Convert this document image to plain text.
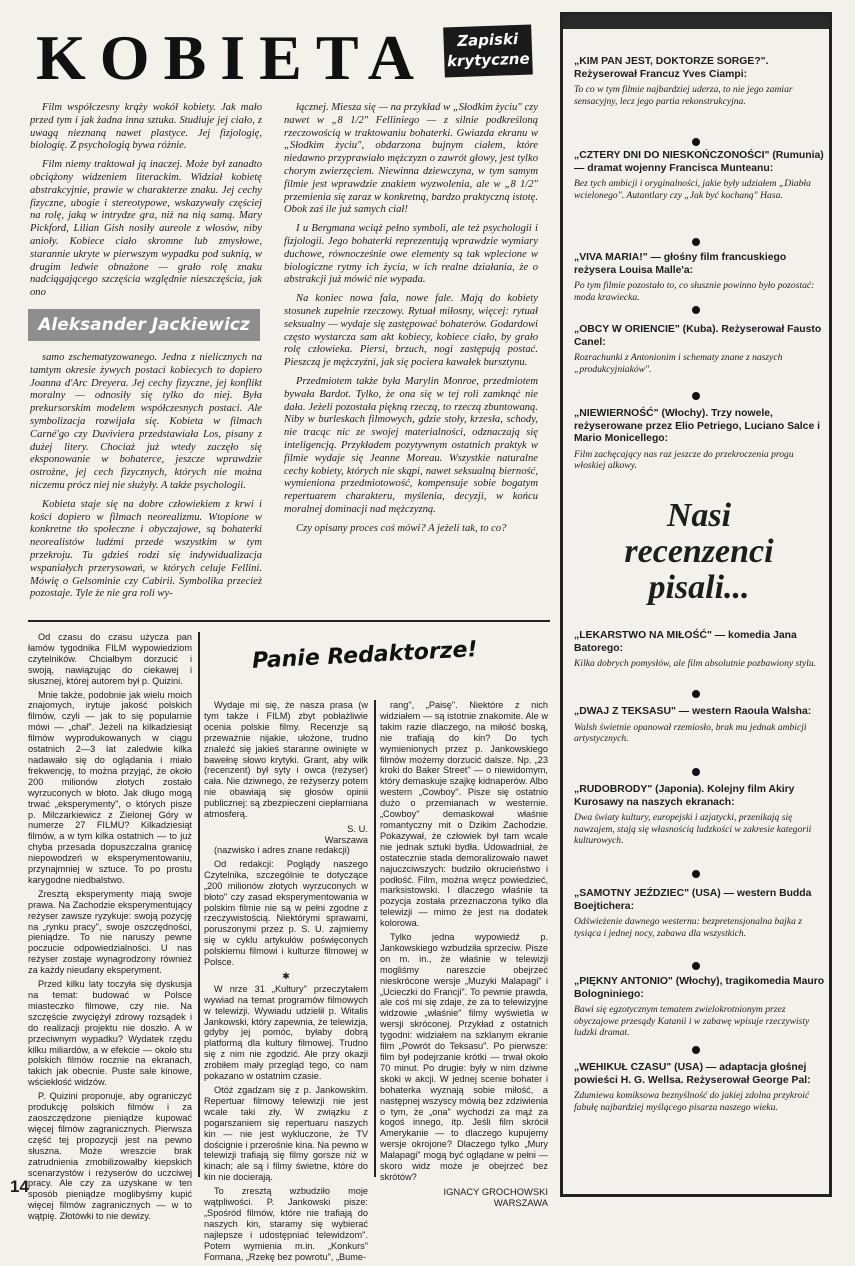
KOBIETA	Zapiski krytyczne

Film współczesny krąży wokół kobiety. Jak mało przed tym i jak żadna inna sztuka. Studiuje jej ciało, z uwagą nieznaną nawet plastyce. Jej fizjologię, biologię. Z psychologią bywa różnie.

Film niemy traktował ją inaczej. Może był zanadto obciążony widzeniem literackim. Widział kobietę abstrakcyjnie, prawie w charakterze znaku. Jej cechy fizyczne, ubogie i stereotypowe, wskazywały częściej na rolę, jaką w intrydze gra, niż na nią samą. Mary Pickford, Lilian Gish nosiły aureole z włosów, niby anioły. Kobiece ciało skromne lub zmysłowe, starannie ukryte w pierwszym wypadku pod suknią, w drugim ledwie obnażone — grało rolę znaku nadciągającego szczęścia względnie nieszczęścia, jak ono

Aleksander Jackiewicz

samo zschematyzowanego. Jedna z nielicznych na tamtym okresie żywych postaci kobiecych to dopiero Joanna d'Arc Dreyera. Jej cechy fizyczne, jej konflikt moralny — odnosiły się tylko do niej. Była prekursorskim modelem współczesnych postaci. Ale symbolizacja rozwijała się. Kobieta w filmach Carné'go czy Duviviera przedstawiała Los, pisany z dużej litery. Chociaż już wtedy zaczęło się eksponowanie w bohaterce, jeszcze wprawdzie ostrożne, jej cech fizycznych, których nie można niczemu prócz niej nie służyły. A także psychologii.

Kobieta staje się na dobre człowiekiem z krwi i kości dopiero w filmach neorealizmu. Wtopione w konkretne tło społeczne i obyczajowe, są bohaterki neorealistów ludźmi przede wszystkim w tym przekroju. Tu gdzieś rodzi się indywidualizacja wspaniałych przerysowań, w których celuje Fellini. Mówię o Gelsominie czy Cabirii. Symbolika przecież pozostaje. Tyle że nie gra roli wy-

łącznej. Miesza się — na przykład w „Słodkim życiu" czy nawet w „8 1/2" Felliniego — z silnie podkreśloną rzeczowością w traktowaniu bohaterki. Gwiazda ekranu w „Słodkim życiu", obdarzona bujnym ciałem, które niedawno przyprawiało mężczyzn o zawrót głowy, jest tylko chorym zwierzęciem. Niewinna dziewczyna, w tym samym filmie jest wprawdzie znakiem wyzwolenia, ale w „8 1/2" przemienia się zaraz w konkretną, bardzo praktyczną istotę. Obok zaś ile już samych ciał!

I u Bergmana wciąż pełno symboli, ale też psychologii i fizjologii. Jego bohaterki reprezentują wprawdzie wymiary duchowe, równocześnie owe elementy są tak wplecione w biologiczne rytmy ich życia, w ich realne działania, że o abstrakcji już mówić nie wypada.

Na koniec nowa fala, nowe fale. Mają do kobiety stosunek zupełnie rzeczowy. Rytuał miłosny, więcej: rytuał seksualny — wydaje się zastępować bohaterów. Godardowi często wystarcza sam akt kobiecy, kobiece ciało, by grało rolę człowieka. Piersi, brzuch, nogi zastępują postać. Pieszczą je mężczyźni, jak się pociera kawałek bursztynu.

Przedmiotem także była Marylin Monroe, przedmiotem bywała Bardot. Tylko, że ona się w tej roli zamknąć nie dała. Jeżeli pozostała piękną rzeczą, to rzeczą zbuntowaną. Niby w burleskach filmowych, gdzie stoły, krzesła, schody, nie tracąc nic ze swojej materialności, odznaczają się inteligencją. Przykładem pozytywnym ostatnich praktyk w filmie wydaje się Jeanne Moreau. Wszystkie naturalne cechy kobiety, których nie skąpi, nawet seksualną bierność, wymieniona przedmiotowość, kompensuje sobie bogatym repertuarem charakteru, myślenia, decyzji, w końcu moralnej dominacji nad mężczyzną.

Czy opisany proces coś mówi? A jeżeli tak, to co?

Panie Redaktorze!

Od czasu do czasu użycza pan łamów tygodnika FILM wypowiedziom czytelników. Chciałbym dorzucić i swoją, nawiązując do ciekawej i słusznej, której autorem był p. Quizini.

Mnie także, podobnie jak wielu moich znajomych, irytuje jakość polskich filmów, czyli — jak to się popularnie mówi — „chał". Jeżeli na kilkadziesiąt filmów wyprodukowanych w ciągu ostatnich 2—3 lat zaledwie kilka nadawało się do oglądania i miało frekwencję, to można przyjąć, że około 200 milionów złotych zostało wyrzuconych w błoto. Jak długo mogą trwać „eksperymenty", o których pisze p. Milczarkiewicz z Zielonej Góry w numerze 27 FILMU? Kilkadziesiąt filmów, a w tym kilka ostatnich — to już chyba przesada dopuszczalna granicę niepowodzeń w eksperymentowaniu, przynajmniej w sztuce. To po prostu karygodne niedbalstwo.

Zresztą eksperymenty mają swoje prawa. Na Zachodzie eksperymentujący reżyser zawsze ryzykuje: swoją pozycję na „rynku pracy", swoje oszczędności, pieniądze. To nie naruszy pewne poczucie odpowiedzialności. U nas reżyser zostaje wynagrodzony również za każdy nieudany eksperyment.

Przed kilku laty toczyła się dyskusja na temat: budować w Polsce miasteczko filmowe, czy nie. Na szczęście zwyciężył zdrowy rozsądek i do realizacji projektu nie doszło. A w przeciwnym wypadku? Wydatek rzędu kilku miliardów, a w efekcie — około stu polskich filmów rocznie na ekranach, takich jak obecnie. Puste sale kinowe, wściekłość widzów.

P. Quizini proponuje, aby ograniczyć produkcję polskich filmów i za zaoszczędzone pieniądze kupować więcej filmów zagranicznych. Pierwsza część tej propozycji jest na pewno słuszna. Może wreszcie brak zatrudnienia zmobilizowałby kiepskich scenarzystów i reżyserów do uczciwej pracy. Ale czy za uzyskane w ten sposób pieniądze moglibyśmy kupić więcej filmów zagranicznych — w to wątpię. Złotówki to nie dewizy.

Wydaje mi się, że nasza prasa (w tym także i FILM) zbyt pobłażliwie ocenia polskie filmy. Recenzje są przeważnie nijakie, ułożone, trudno znaleźć się jakieś staranne owinięte w bawełnę słowo krytyki. Grant, aby wilk (recenzent) był syty i owca (reżyser) cała. Nie dziwnego, że reżyserzy potem nie obawiają się głosów opinii publicznej: są zbezpieczeni ciepłarniana atmosferą.

S. U.
Warszawa

(nazwisko i adres znane redakcji)

Od redakcji: Poglądy naszego Czytelnika, szczególnie te dotyczące „200 milionów złotych wyrzuconych w błoto" czy zasad eksperymentowania w polskim filmie nie są w pełni zgodne z rzeczywistością. Niektórymi sprawami, poruszonymi przez p. S. U. zajmiemy się w cyklu artykułów poświęconych polskiemu filmowi i kulturze filmowej w Polsce.

✱

W nrze 31 „Kultury" przeczytałem wywiad na temat programów filmowych w telewizji. Wywiadu udzielił p. Witalis Jankowski, który zapewnia, że telewizja, gdyby jej pomóc, byłaby dobrą platformą dla kultury filmowej. Trudno się z nim nie zgodzić. Ale przy okazji zrobiłem mały przegląd tego, co nam pokazano w ostatnim czasie.

Otóż zgadzam się z p. Jankowskim. Repertuar filmowy telewizji nie jest wcale taki zły. W związku z pogarszaniem się repertuaru naszych kin — nie jest wykluczone, że TV doścignie i przerośnie kina. Na pewno w telewizji trafiają się filmy gorsze niż w kinach; ale są i filmy świetne, które do kin nie docierają.

To zresztą wzbudziło moje wątpliwości. P. Jankowski pisze: „Spośród filmów, które nie trafiają do naszych kin, staramy się wybierać najlepsze i udostępniać telewidzom". Potem wymienia m.in. „Konkurs" Formana, „Rzekę bez powrotu", „Bume-

rang", „Paisę". Niektóre z nich widziałem — są istotnie znakomite. Ale w takim razie dlaczego, na miłość boską, nie trafiają do kin? Do tych wymienionych przez p. Jankowskiego filmów możemy dorzucić dalsze. Np. „23 kroki do Baker Street" — o niewidomym, który demaskuje szajkę kidnaperów. Albo western „Cowboy". Pisze się ostatnio dużo o przemianach w westernie. „Cowboy" demaskował właśnie romantyczny mit o Dzikim Zachodzie. Pokazywał, że człowiek był tam wcale nie jednak sztuki bydła. Udowadniał, że ostatecznie stada demoralizowało nawet najuczciwszych: budziło okrucieństwo i podłość. Film, można wręcz powiedzieć, marksistowski. I dlaczego właśnie ta pozycja została przeznaczona tylko dla telewizji — mimo że jest na dodatek kolorowa.

Tylko jedna wypowiedź p. Jankowskiego wzbudziła sprzeciw. Pisze on m. in., że właśnie w telewizji mogliśmy nareszcie obejrzeć nieskrócone wersje „Muzyki Malapagi" i „Ucieczki do Francji". To pewnie prawda, ale coś mi się zdaje, że za to telewizyjne widzowie „właśnie" filmy wyświetla w wersji skróconej. Przykład z ostatnich tygodni: widziałem na szklanym ekranie film „Powrót do Teksasu". Po pierwsze: film był podejrzanie krótki — trwał około 70 minut. Po drugie: były w nim dziwne skoki w akcji. W jednej scenie bohater i bohaterka wyznają sobie miłość, a następnej wszyscy mówią bez zdziwienia o tym, że „ona" wychodzi za mąż za kogoś innego, itp. Jeśli film skrócił Amerykanie — to dlaczego kupujemy wersje okrojone? Dlaczego tylko „Mury Malapagi" mogą być oglądane w pełni — skoro widz może je obejrzeć bez skrótów?

IGNACY GROCHOWSKI
WARSZAWA
Nasi recenzenci pisali...
„KIM PAN JEST, DOKTORZE SORGE?". Reżyserował Francuz Yves Ciampi:
To co w tym filmie najbardziej uderza, to nie jego zamiar sensacyjny, lecz jego partia rekonstrukcyjna.
„CZTERY DNI DO NIESKOŃCZONOŚCI" (Rumunia) — dramat wojenny Francisca Munteanu:
Bez tych ambicji i oryginalności, jakie były udziałem „Diabła wcielonego". Autantlary czy „Jak być kochaną" Hasa.
„VIVA MARIA!" — głośny film francuskiego reżysera Louisa Malle'a:
Po tym filmie pozostało to, co słusznie powinno było pozostać: moda krawiecka.
„OBCY W ORIENCIE" (Kuba). Reżyserował Fausto Canel:
Rozrachunki z Antonionim i schematy znane z naszych „produkcyjniaków".
„NIEWIERNOŚĆ" (Włochy). Trzy nowele, reżyserowane przez Elio Petriego, Luciano Salce i Mario Monicellego:
Film zachęcający nas raz jeszcze do przekroczenia progu włoskiej alkowy.
„LEKARSTWO NA MIŁOŚĆ" — komedia Jana Batorego:
Kilka dobrych pomysłów, ale film absolutnie pozbawiony stylu.
„DWAJ Z TEKSASU" — western Raoula Walsha:
Walsh świetnie opanował rzemiosło, brak mu jednak ambicji artystycznych.
„RUDOBRODY" (Japonia). Kolejny film Akiry Kurosawy na naszych ekranach:
Dwa światy kultury, europejski i azjatycki, przenikają się nawzajem, stają się własnością ludzkości w zakresie kategorii kulturowych.
„SAMOTNY JEŹDZIEC" (USA) — western Budda Boejtichera:
Odświeżenie dawnego westernu: bezpretensjonalna bajka z tysiąca i jednej nocy, zabawa dla wszystkich.
„PIĘKNY ANTONIO" (Włochy), tragikomedia Mauro Bologniniego:
Bawi się egzotycznym tematem zwielokrotnionym przez obyczajowe przesądy Katanii i w zabawę wpisuje rzeczywisty ludzki dramat.
„WEHIKUŁ CZASU" (USA) — adaptacja głośnej powieści H. G. Wellsa. Reżyserował George Pal:
Zdumiewa komiksowa beznyślność do jakiej zdolna przykroić fabułę najbardziej myślącego pisarza naszego wieku.
14
